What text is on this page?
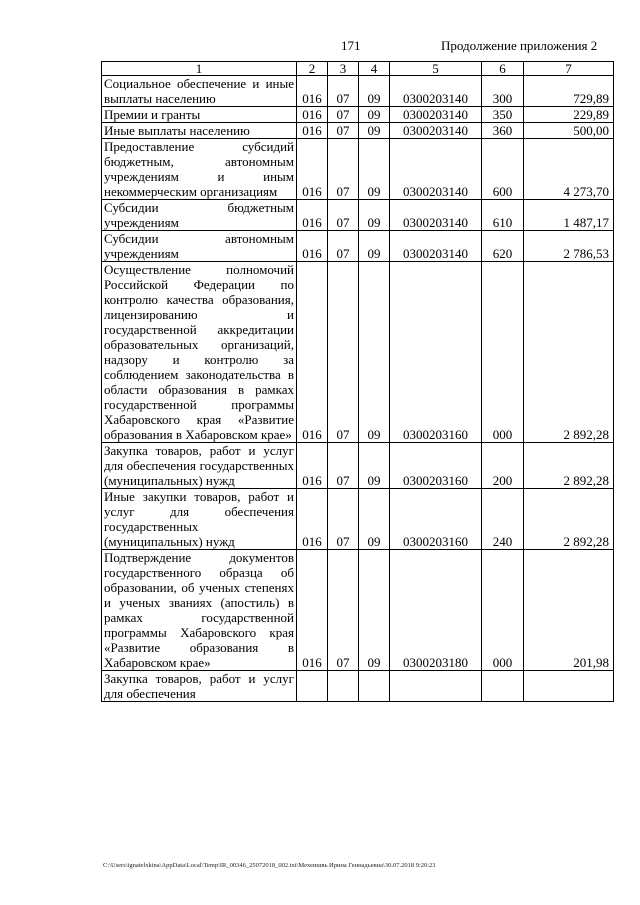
171	Продолжение приложения 2
1	2	3	4	5	6	7
Социальное обеспечение и иные выплаты населению	016	07	09	0300203140	300	729,89
Премии и гранты	016	07	09	0300203140	350	229,89
Иные выплаты населению	016	07	09	0300203140	360	500,00
Предоставление субсидий бюджетным, автономным учреждениям и иным некоммерческим организациям	016	07	09	0300203140	600	4 273,70
Субсидии бюджетным учреждениям	016	07	09	0300203140	610	1 487,17
Субсидии автономным учреждениям	016	07	09	0300203140	620	2 786,53
Осуществление полномочий Российской Федерации по контролю качества образования, лицензированию и государственной аккредитации образовательных организаций, надзору и контролю за соблюдением законодательства в области образования в рамках государственной программы Хабаровского края «Развитие образования в Хабаровском крае»	016	07	09	0300203160	000	2 892,28
Закупка товаров, работ и услуг для обеспечения государственных (муниципальных) нужд	016	07	09	0300203160	200	2 892,28
Иные закупки товаров, работ и услуг для обеспечения государственных (муниципальных) нужд	016	07	09	0300203160	240	2 892,28
Подтверждение документов государственного образца об образовании, об ученых степенях и ученых званиях (апостиль) в рамках государственной программы Хабаровского края «Развитие образования в Хабаровском крае»	016	07	09	0300203180	000	201,98
Закупка товаров, работ и услуг для обеспечения						
C:\Users\ignatelxkina\AppData\Local\Temp\IR_00346_25072018_002.txt\Мехеишвь Ирина Геннадьевна\30.07.2018 9:20:23
